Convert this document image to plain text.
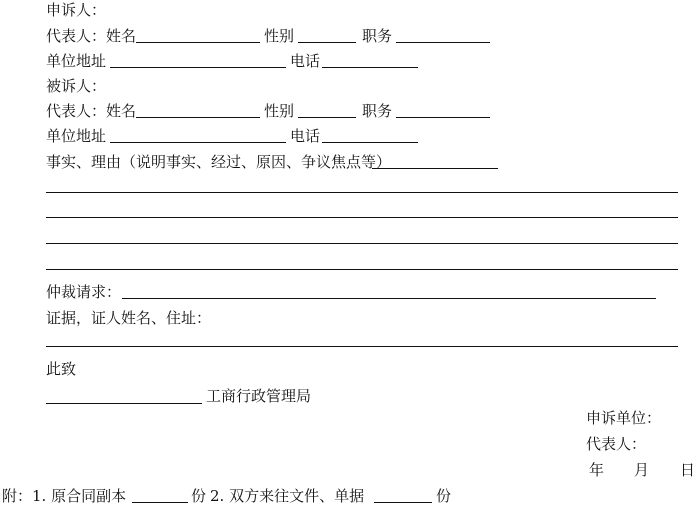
申诉人：
代表人：姓名	性别	职务
单位地址	电话
被诉人：
代表人：姓名	性别	职务
单位地址	电话
事实、理由（说明事实、经过、原因、争议焦点等）
仲裁请求：
证据，证人姓名、住址：
此致
工商行政管理局
申诉单位：
代表人：
年 月 日
附：1. 原合同副本	份 2. 双方来往文件、单据	份
